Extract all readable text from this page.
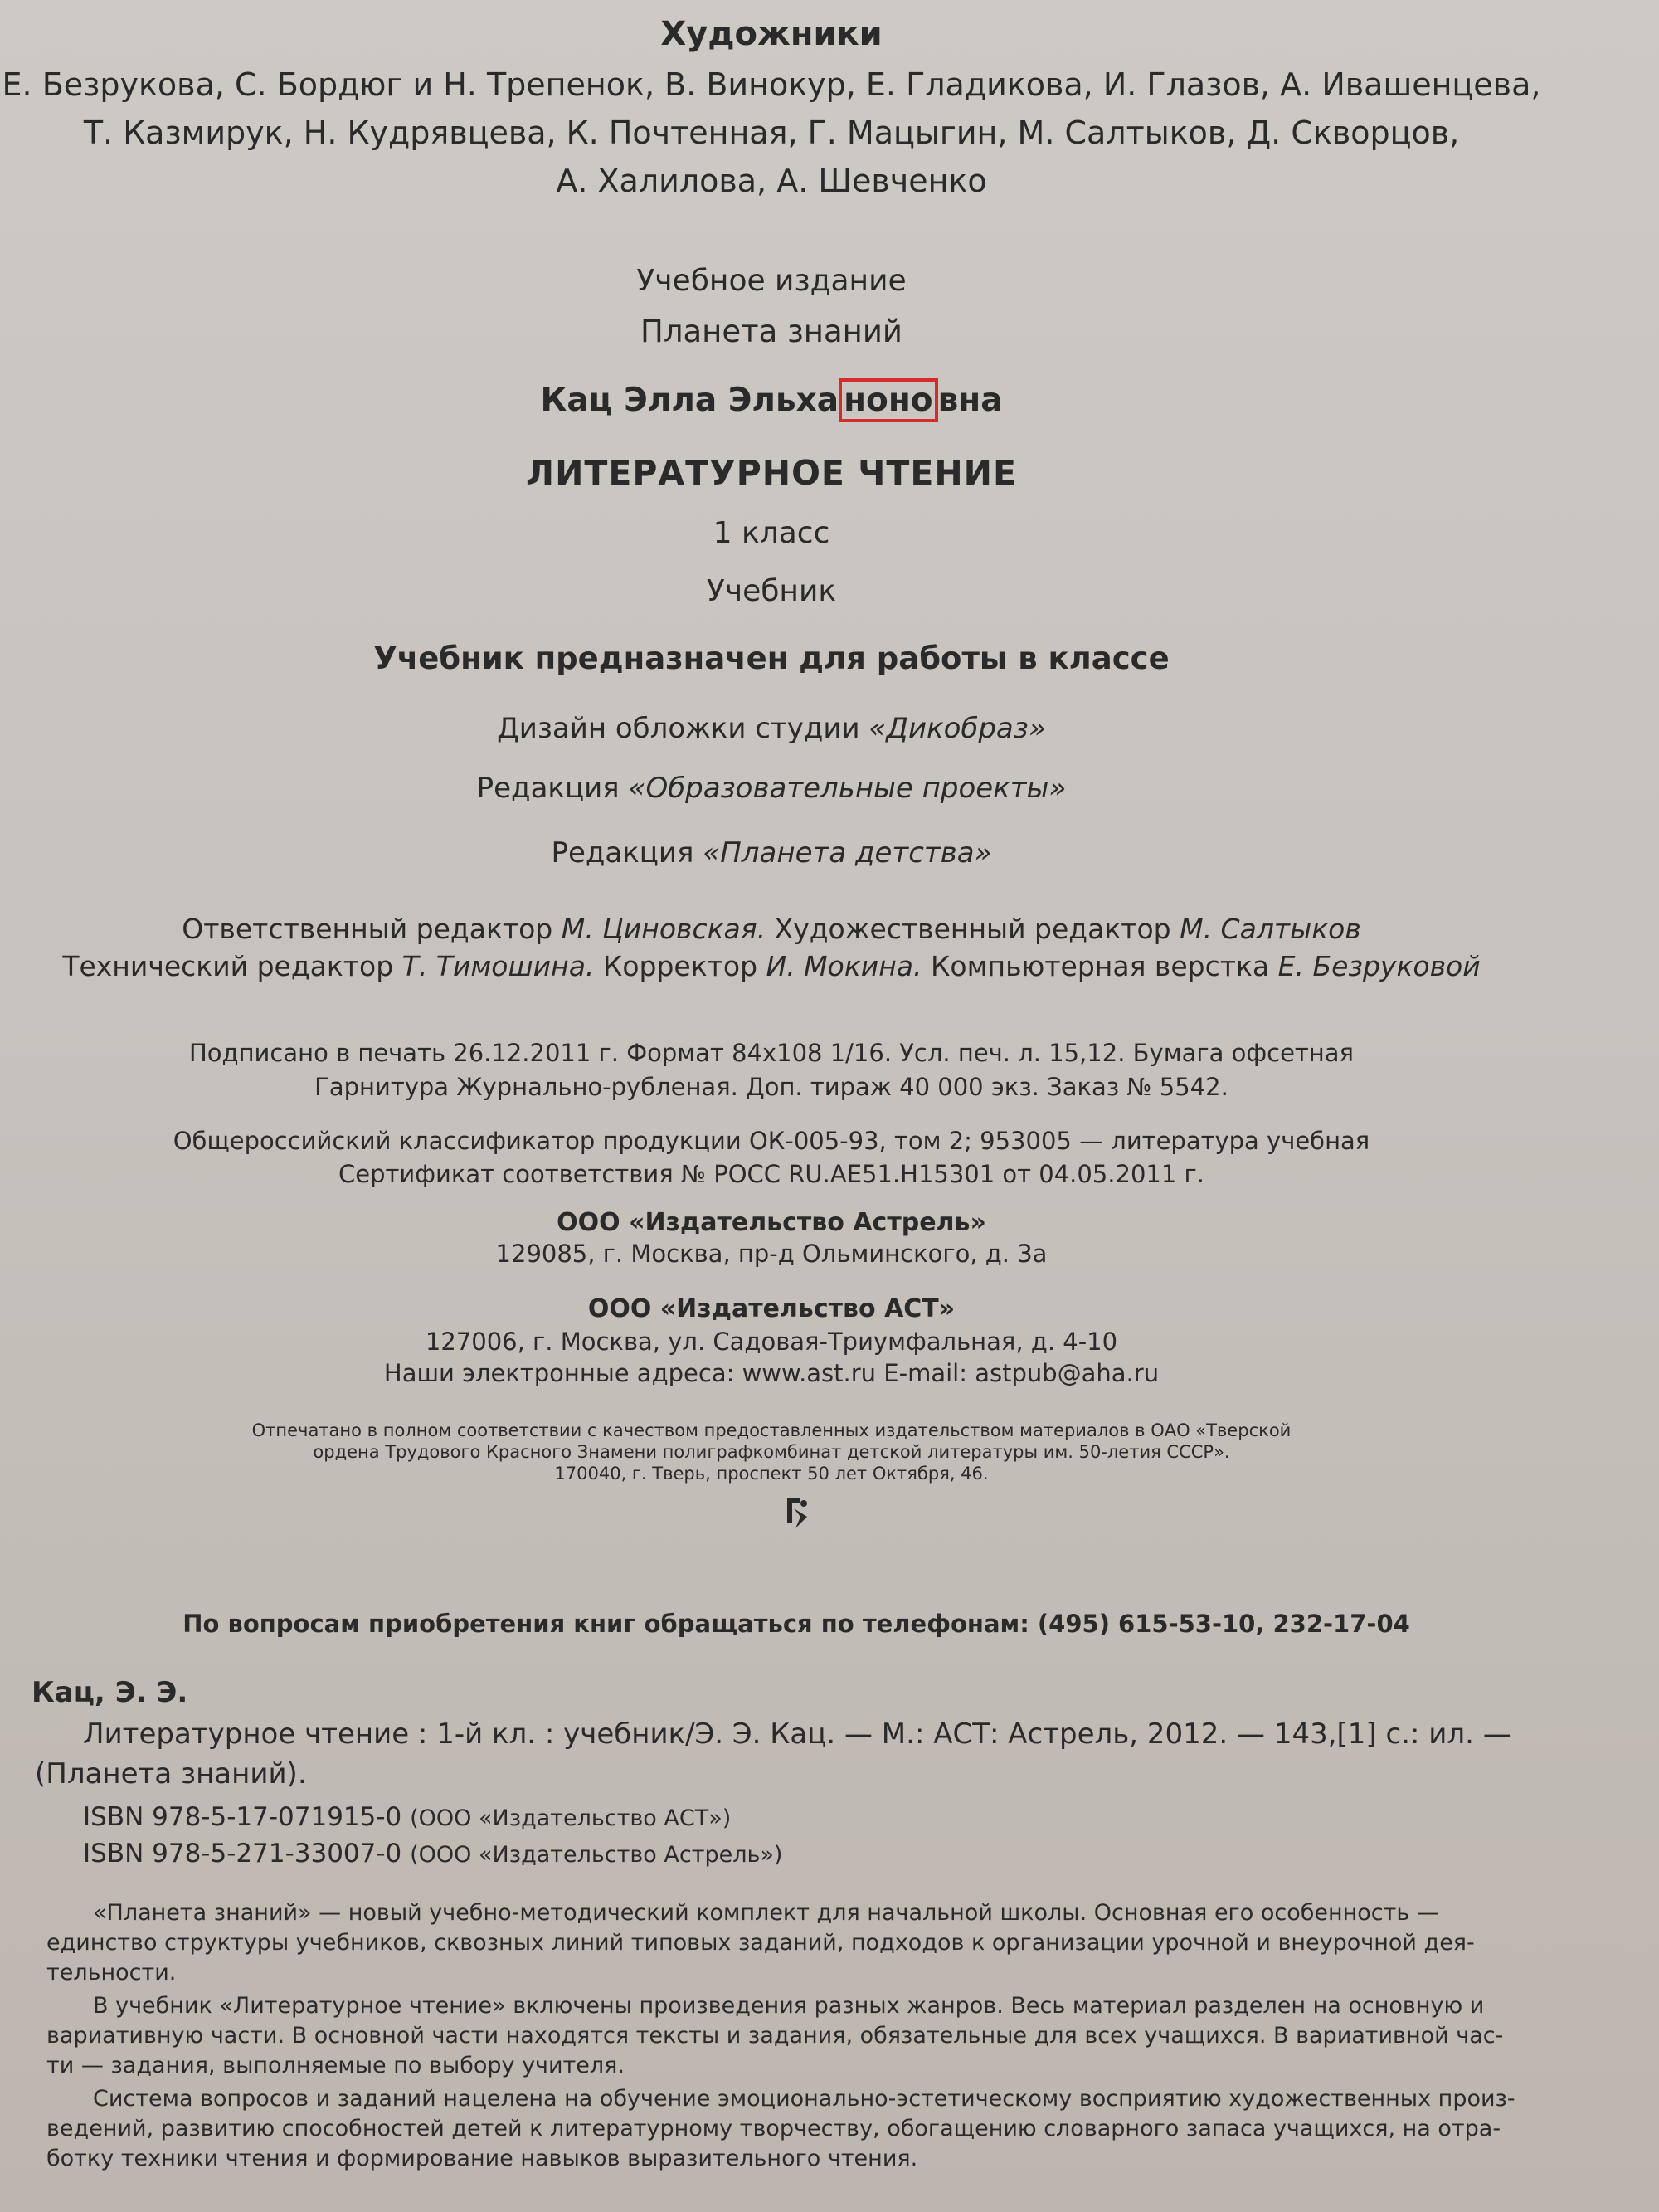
Художники
Е. Безрукова, С. Бордюг и Н. Трепенок, В. Винокур, Е. Гладикова, И. Глазов, А. Ивашенцева,
Т. Казмирук, Н. Кудрявцева, К. Почтенная, Г. Мацыгин, М. Салтыков, Д. Скворцов,
А. Халилова, А. Шевченко
Учебное издание
Планета знаний
Кац Элла Эльха ноно вна
ЛИТЕРАТУРНОЕ ЧТЕНИЕ
1 класс
Учебник
Учебник предназначен для работы в классе
Дизайн обложки студии «Дикобраз»
Редакция «Образовательные проекты»
Редакция «Планета детства»
Ответственный редактор М. Циновская. Художественный редактор М. Салтыков
Технический редактор Т. Тимошина. Корректор И. Мокина. Компьютерная верстка Е. Безруковой
Подписано в печать 26.12.2011 г. Формат 84х108 1/16. Усл. печ. л. 15,12. Бумага офсетная
Гарнитура Журнально-рубленая. Доп. тираж 40 000 экз. Заказ № 5542.
Общероссийский классификатор продукции ОК-005-93, том 2; 953005 — литература учебная
Сертификат соответствия № РОСС RU.AE51.H15301 от 04.05.2011 г.
ООО «Издательство Астрель»
129085, г. Москва, пр-д Ольминского, д. 3а
ООО «Издательство АСТ»
127006, г. Москва, ул. Садовая-Триумфальная, д. 4-10
Наши электронные адреса: www.ast.ru E-mail: astpub@aha.ru
Отпечатано в полном соответствии с качеством предоставленных издательством материалов в ОАО «Тверской
ордена Трудового Красного Знамени полиграфкомбинат детской литературы им. 50-летия СССР».
170040, г. Тверь, проспект 50 лет Октября, 46.
По вопросам приобретения книг обращаться по телефонам: (495) 615-53-10, 232-17-04
Кац, Э. Э.
Литературное чтение : 1-й кл. : учебник/Э. Э. Кац. — М.: АСТ: Астрель, 2012. — 143,[1] с.: ил. —
(Планета знаний).
ISBN 978-5-17-071915-0 (ООО «Издательство АСТ»)
ISBN 978-5-271-33007-0 (ООО «Издательство Астрель»)
«Планета знаний» — новый учебно-методический комплект для начальной школы. Основная его особенность —
единство структуры учебников, сквозных линий типовых заданий, подходов к организации урочной и внеурочной дея-
тельности.
В учебник «Литературное чтение» включены произведения разных жанров. Весь материал разделен на основную и
вариативную части. В основной части находятся тексты и задания, обязательные для всех учащихся. В вариативной час-
ти — задания, выполняемые по выбору учителя.
Система вопросов и заданий нацелена на обучение эмоционально-эстетическому восприятию художественных произ-
ведений, развитию способностей детей к литературному творчеству, обогащению словарного запаса учащихся, на отра-
ботку техники чтения и формирование навыков выразительного чтения.
